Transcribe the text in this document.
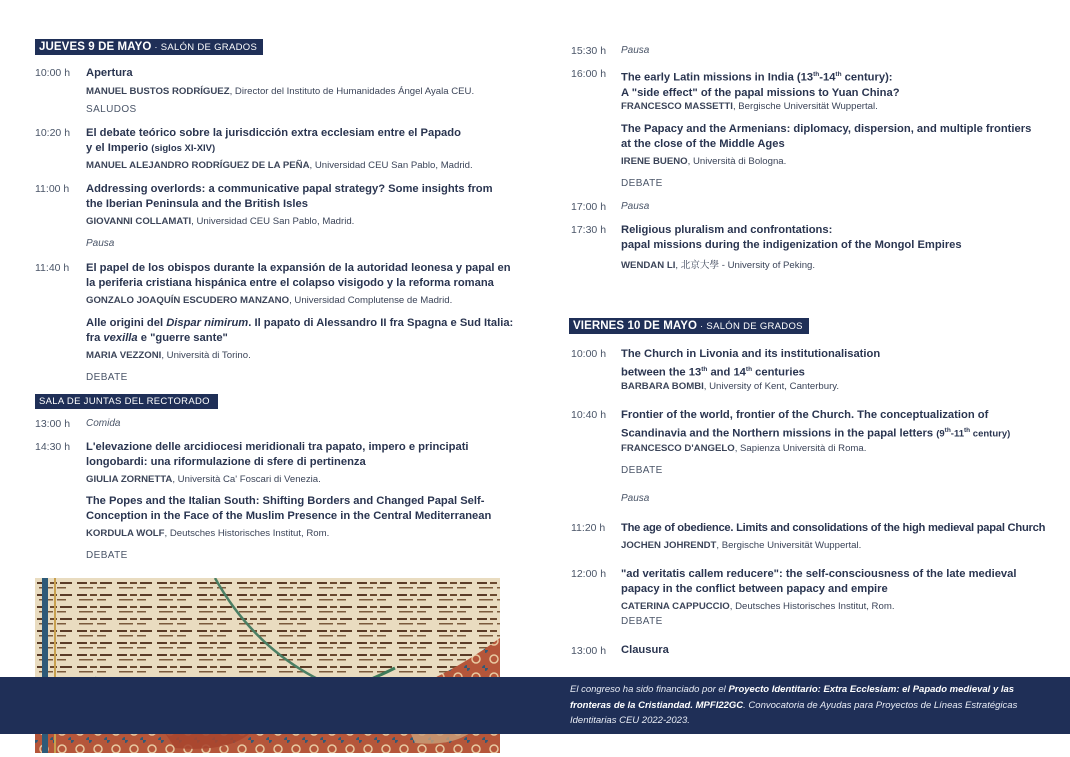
JUEVES 9 DE MAYO · SALÓN DE GRADOS
10:00 h Apertura
MANUEL BUSTOS RODRÍGUEZ, Director del Instituto de Humanidades Ángel Ayala CEU.
SALUDOS
10:20 h El debate teórico sobre la jurisdicción extra ecclesiam entre el Papado
y el Imperio (siglos XI-XIV)
MANUEL ALEJANDRO RODRÍGUEZ DE LA PEÑA, Universidad CEU San Pablo, Madrid.
11:00 h Addressing overlords: a communicative papal strategy? Some insights from
the Iberian Peninsula and the British Isles
GIOVANNI COLLAMATI, Universidad CEU San Pablo, Madrid.
Pausa
11:40 h El papel de los obispos durante la expansión de la autoridad leonesa y papal en
la periferia cristiana hispánica entre el colapso visigodo y la reforma romana
GONZALO JOAQUÍN ESCUDERO MANZANO, Universidad Complutense de Madrid.
Alle origini del Dispar nimirum. Il papato di Alessandro II fra Spagna e Sud Italia:
fra vexilla e "guerre sante"
MARIA VEZZONI, Università di Torino.
DEBATE
SALA DE JUNTAS DEL RECTORADO
13:00 h Comida
14:30 h L'elevazione delle arcidiocesi meridionali tra papato, impero e principati
longobardi: una riformulazione di sfere di pertinenza
GIULIA ZORNETTA, Università Ca' Foscari di Venezia.
The Popes and the Italian South: Shifting Borders and Changed Papal Self-
Conception in the Face of the Muslim Presence in the Central Mediterranean
KORDULA WOLF, Deutsches Historisches Institut, Rom.
DEBATE
15:30 h Pausa
16:00 h The early Latin missions in India (13th-14th century):
A "side effect" of the papal missions to Yuan China?
FRANCESCO MASSETTI, Bergische Universität Wuppertal.
The Papacy and the Armenians: diplomacy, dispersion, and multiple frontiers
at the close of the Middle Ages
IRENE BUENO, Università di Bologna.
DEBATE
17:00 h Pausa
17:30 h Religious pluralism and confrontations:
papal missions during the indigenization of the Mongol Empires
WENDAN LI, 北京大學 - University of Peking.
VIERNES 10 DE MAYO · SALÓN DE GRADOS
10:00 h The Church in Livonia and its institutionalisation
between the 13th and 14th centuries
BARBARA BOMBI, University of Kent, Canterbury.
10:40 h Frontier of the world, frontier of the Church. The conceptualization of
Scandinavia and the Northern missions in the papal letters (9th-11th century)
FRANCESCO D'ANGELO, Sapienza Università di Roma.
DEBATE
Pausa
11:20 h The age of obedience. Limits and consolidations of the high medieval papal Church
JOCHEN JOHRENDT, Bergische Universität Wuppertal.
12:00 h "ad veritatis callem reducere": the self-consciousness of the late medieval
papacy in the conflict between papacy and empire
CATERINA CAPPUCCIO, Deutsches Historisches Institut, Rom.
DEBATE
13:00 h Clausura
El congreso ha sido financiado por el Proyecto Identitario: Extra Ecclesiam: el Papado medieval y las fronteras de la Cristiandad. MPFI22GC. Convocatoria de Ayudas para Proyectos de Líneas Estratégicas Identitarias CEU 2022-2023.
